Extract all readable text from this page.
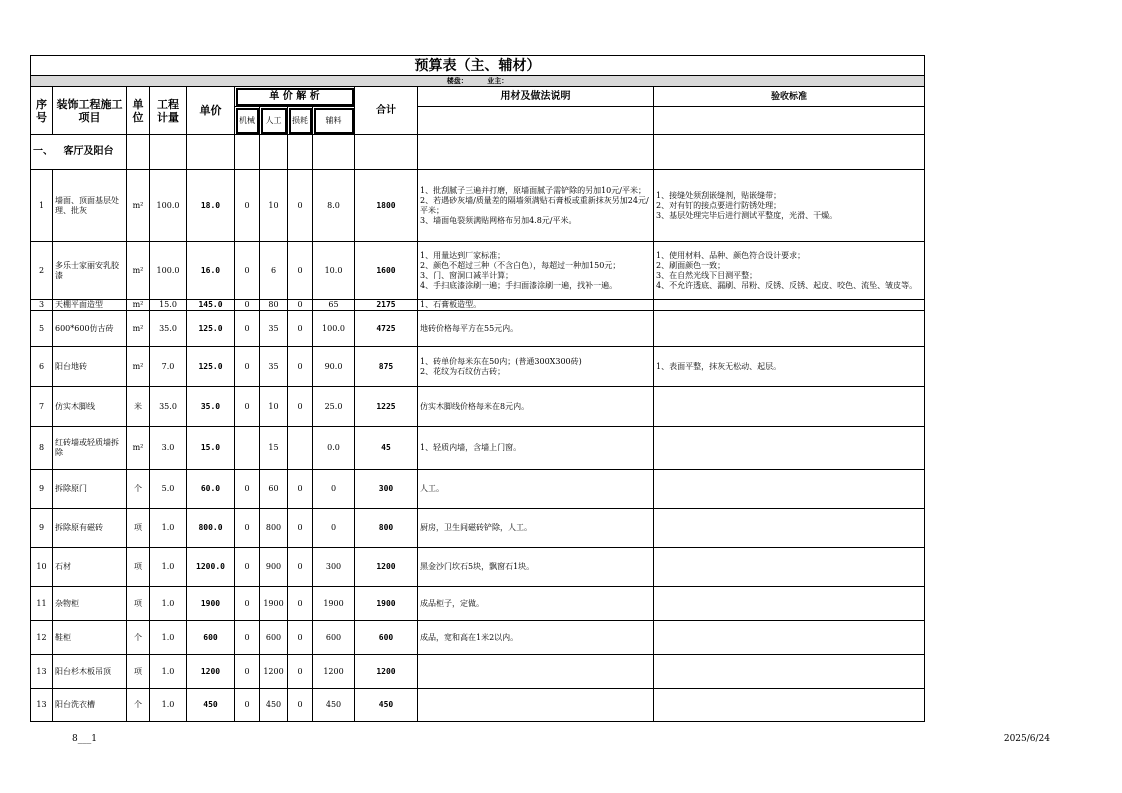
预算表（主、辅材）											
楼盘： 业主：											
序 号	装饰工程施工项目	单位	工程计量	单价	单 价 解 析				合计	用材及做法说明	验收标准
					机械	人工	损耗	辅料			
一、 客厅及阳台											
1	墙面、顶面基层处理、批灰	m²	100.0	18.0	0	10	0	8.0	1800	1、批刮腻子三遍并打磨，原墙面腻子需铲除的另加10元/平米；
2、若遇砂灰墙/质量差的隔墙须满贴石膏板或重新抹灰另加24元/平米；
3、墙面龟裂须满贴网格布另加4.8元/平米。	1、接缝处须刮嵌缝剂，贴嵌缝带；
2、对有钉的接点要进行防锈处理；
3、基层处理完毕后进行测试平整度，光滑、干燥。
2	多乐士家丽安乳胶漆	m²	100.0	16.0	0	6	0	10.0	1600	1、用量达到厂家标准；
2、颜色不超过三种（不含白色），每超过一种加150元；
3、门、窗洞口减半计算；
4、手扫底漆涂刷一遍；手扫面漆涂刷一遍，找补一遍。	1、使用材料、品种、颜色符合设计要求；
2、刷面颜色一致；
3、在自然光线下目测平整；
4、不允许透底、漏刷、吊粉、反锈、反锈、起皮、咬色、流坠、皱皮等。
3	天棚平面造型	m²	15.0	145.0	0	80	0	65	2175	1、石膏板造型。	
5	600*600仿古砖	m²	35.0	125.0	0	35	0	100.0	4725	地砖价格每平方在55元内。	
6	阳台地砖	m²	7.0	125.0	0	35	0	90.0	875	1、砖单价每米东在50内；(普通300X300砖)
2、花纹为石纹仿古砖；	1、表面平整，抹灰无松动、起层。
7	仿实木脚线	米	35.0	35.0	0	10	0	25.0	1225	仿实木脚线价格每米在8元内。	
8	红砖墙或轻质墙拆除	m²	3.0	15.0		15		0.0	45	1、轻质内墙，含墙上门窗。	
9	拆除原门	个	5.0	60.0	0	60	0	0	300	人工。	
9	拆除原有磁砖	项	1.0	800.0	0	800	0	0	800	厨房，卫生间磁砖铲除，人工。	
10	石材	项	1.0	1200.0	0	900	0	300	1200	黑金沙门坎石5块，飘窗石1块。	
11	杂物柜	项	1.0	1900	0	1900	0	1900	1900	成品柜子，定做。	
12	鞋柜	个	1.0	600	0	600	0	600	600	成品，宽和高在1米2以内。	
13	阳台杉木板吊顶	项	1.0	1200	0	1200	0	1200	1200		
13	阳台洗衣槽	个	1.0	450	0	450	0	450	450		
8___1	2025/6/24
